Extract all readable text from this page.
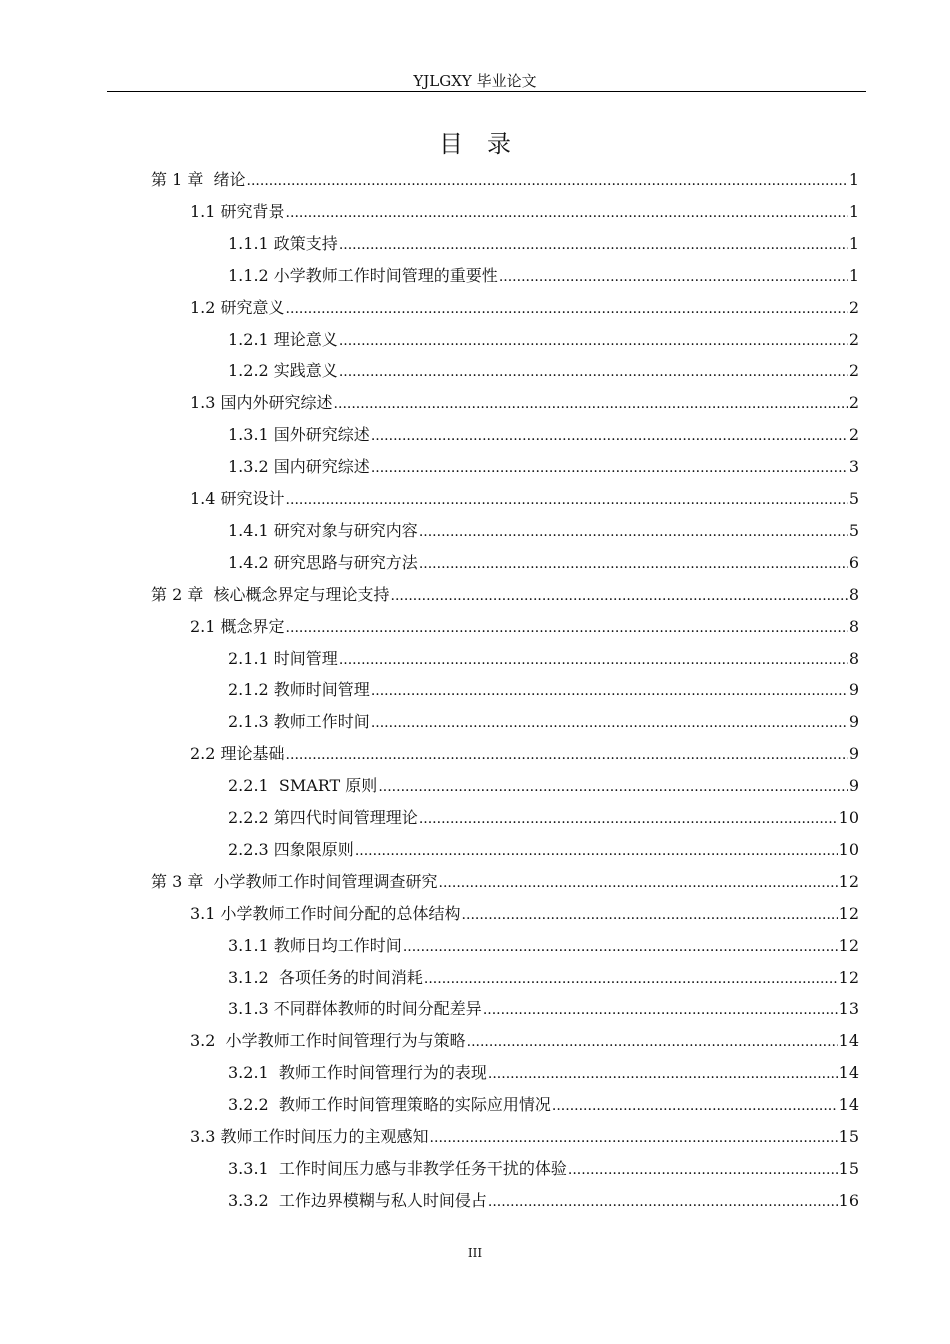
YJLGXY 毕业论文
目录
第 1 章  绪论 .....	1
1.1 研究背景 .....	1
1.1.1 政策支持 .....	1
1.1.2 小学教师工作时间管理的重要性 .....	1
1.2 研究意义 .....	2
1.2.1 理论意义 .....	2
1.2.2 实践意义 .....	2
1.3 国内外研究综述 .....	2
1.3.1 国外研究综述 .....	2
1.3.2 国内研究综述 .....	3
1.4 研究设计 .....	5
1.4.1 研究对象与研究内容 .....	5
1.4.2 研究思路与研究方法 .....	6
第 2 章  核心概念界定与理论支持 .....	8
2.1 概念界定 .....	8
2.1.1 时间管理 .....	8
2.1.2 教师时间管理 .....	9
2.1.3 教师工作时间 .....	9
2.2 理论基础 .....	9
2.2.1  SMART 原则 .....	9
2.2.2 第四代时间管理理论 .....	10
2.2.3 四象限原则 .....	10
第 3 章  小学教师工作时间管理调查研究 .....	12
3.1 小学教师工作时间分配的总体结构 .....	12
3.1.1 教师日均工作时间 .....	12
3.1.2  各项任务的时间消耗 .....	12
3.1.3 不同群体教师的时间分配差异 .....	13
3.2  小学教师工作时间管理行为与策略 .....	14
3.2.1  教师工作时间管理行为的表现 .....	14
3.2.2  教师工作时间管理策略的实际应用情况 .....	14
3.3 教师工作时间压力的主观感知 .....	15
3.3.1  工作时间压力感与非教学任务干扰的体验 .....	15
3.3.2  工作边界模糊与私人时间侵占 .....	16
III
